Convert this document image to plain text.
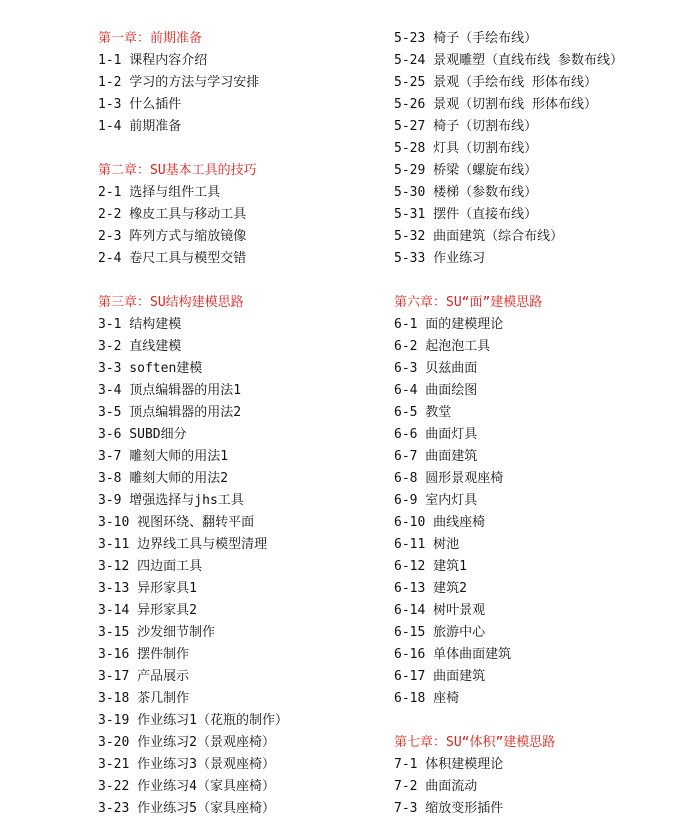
第一章：前期准备
1-1 课程内容介绍
1-2 学习的方法与学习安排
1-3 什么插件
1-4 前期准备
第二章：SU基本工具的技巧
2-1 选择与组件工具
2-2 橡皮工具与移动工具
2-3 阵列方式与缩放镜像
2-4 卷尺工具与模型交错
第三章：SU结构建模思路
3-1 结构建模
3-2 直线建模
3-3 soften建模
3-4 顶点编辑器的用法1
3-5 顶点编辑器的用法2
3-6 SUBD细分
3-7 雕刻大师的用法1
3-8 雕刻大师的用法2
3-9 增强选择与jhs工具
3-10 视图环绕、翻转平面
3-11 边界线工具与模型清理
3-12 四边面工具
3-13 异形家具1
3-14 异形家具2
3-15 沙发细节制作
3-16 摆件制作
3-17 产品展示
3-18 茶几制作
3-19 作业练习1（花瓶的制作）
3-20 作业练习2（景观座椅）
3-21 作业练习3（景观座椅）
3-22 作业练习4（家具座椅）
3-23 作业练习5（家具座椅）
5-23 椅子（手绘布线）
5-24 景观雕塑（直线布线 参数布线）
5-25 景观（手绘布线 形体布线）
5-26 景观（切割布线 形体布线）
5-27 椅子（切割布线）
5-28 灯具（切割布线）
5-29 桥梁（螺旋布线）
5-30 楼梯（参数布线）
5-31 摆件（直接布线）
5-32 曲面建筑（综合布线）
5-33 作业练习
第六章：SU“面”建模思路
6-1 面的建模理论
6-2 起泡泡工具
6-3 贝兹曲面
6-4 曲面绘图
6-5 教堂
6-6 曲面灯具
6-7 曲面建筑
6-8 圆形景观座椅
6-9 室内灯具
6-10 曲线座椅
6-11 树池
6-12 建筑1
6-13 建筑2
6-14 树叶景观
6-15 旅游中心
6-16 单体曲面建筑
6-17 曲面建筑
6-18 座椅
第七章：SU“体积”建模思路
7-1 体积建模理论
7-2 曲面流动
7-3 缩放变形插件
